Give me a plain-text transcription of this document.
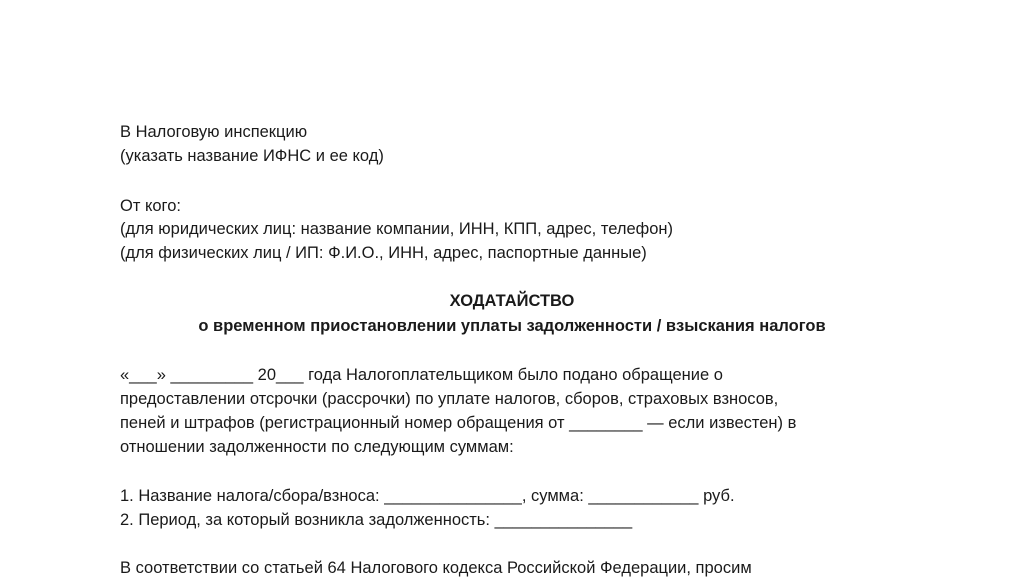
В Налоговую инспекцию
(указать название ИФНС и ее код)
От кого:
(для юридических лиц: название компании, ИНН, КПП, адрес, телефон)
(для физических лиц / ИП: Ф.И.О., ИНН, адрес, паспортные данные)
ХОДАТАЙСТВО
о временном приостановлении уплаты задолженности / взыскания налогов
«___» _________ 20___ года Налогоплательщиком было подано обращение о
предоставлении отсрочки (рассрочки) по уплате налогов, сборов, страховых взносов,
пеней и штрафов (регистрационный номер обращения от ________ — если известен) в
отношении задолженности по следующим суммам:
1. Название налога/сбора/взноса: _______________, сумма: ____________ руб.
2. Период, за который возникла задолженность: _______________
В соответствии со статьей 64 Налогового кодекса Российской Федерации, просим
